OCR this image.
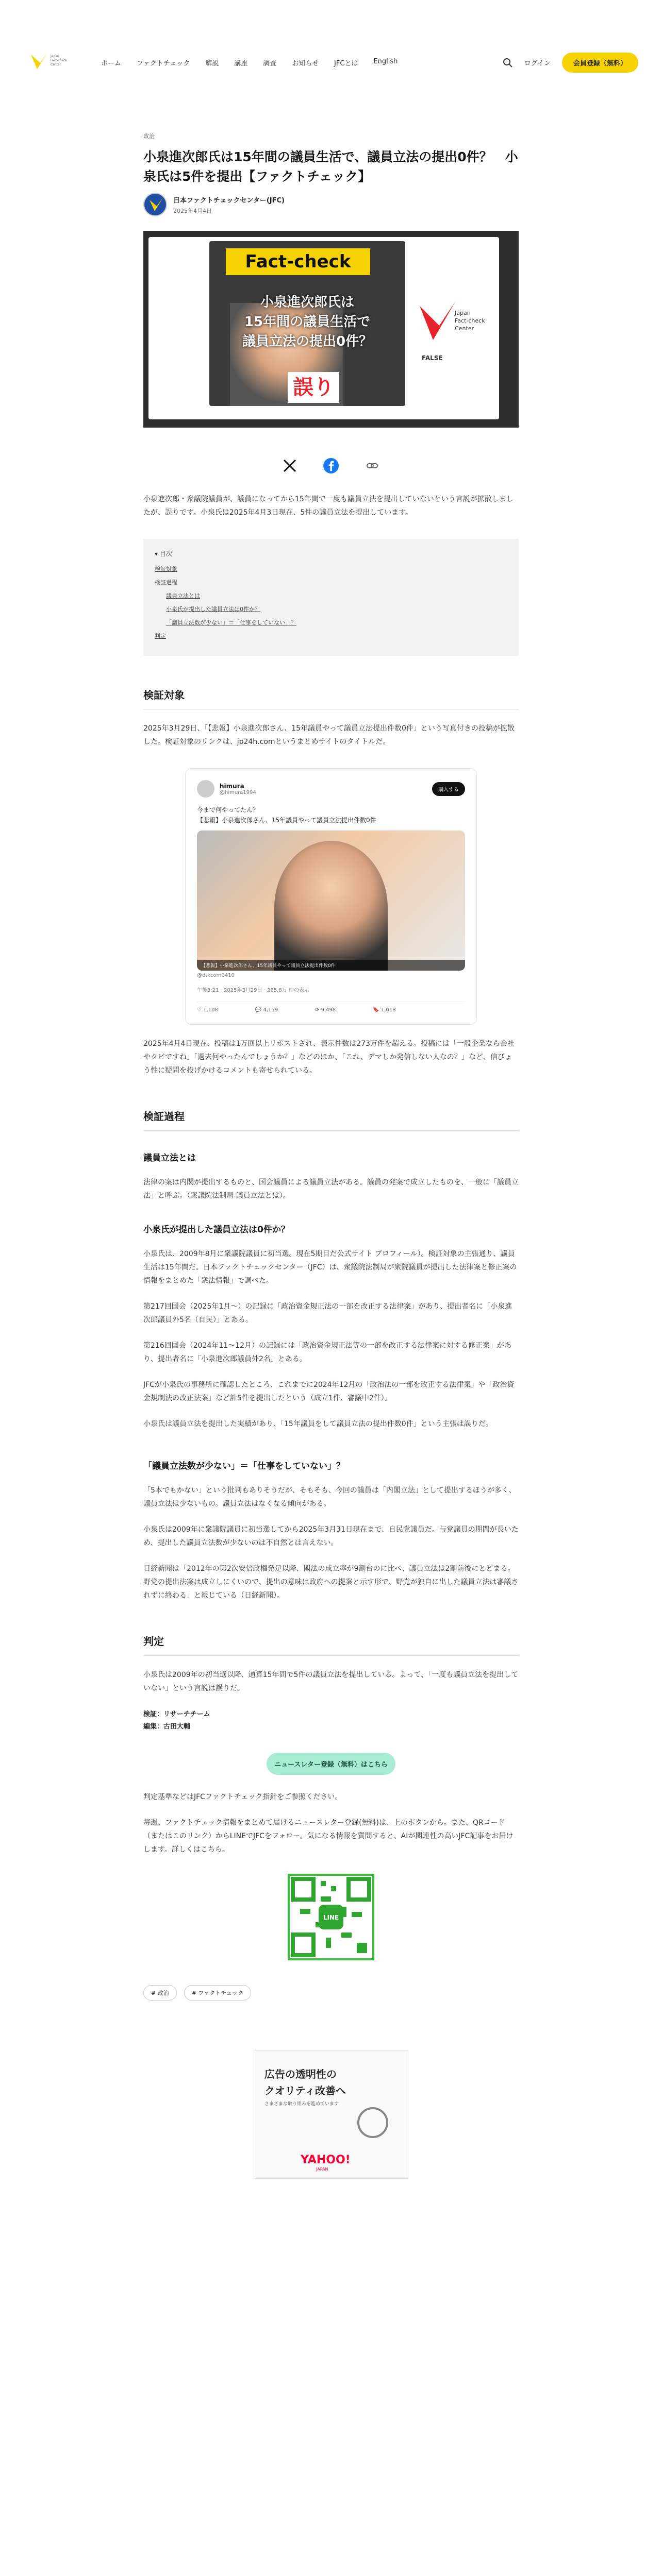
Japan
Fact-check
Center	ホーム ファクトチェック 解説 講座 調査 お知らせ JFCとは English	ログイン	会員登録（無料）
政治
小泉進次郎氏は15年間の議員生活で、議員立法の提出0件？　小泉氏は5件を提出【ファクトチェック】
日本ファクトチェックセンター(JFC)
2025年4月4日
Fact-check
小泉進次郎氏は
15年間の議員生活で
議員立法の提出0件？
誤り
Japan
Fact-check
Center
FALSE

小泉進次郎・衆議院議員が、議員になってから15年間で一度も議員立法を提出していないという言説が拡散しましたが、誤りです。小泉氏は2025年4月3日現在、5件の議員立法を提出しています。

▾ 目次
検証対象
検証過程
議員立法とは
小泉氏が提出した議員立法は0件か？
「議員立法数が少ない」＝「仕事をしていない」？
判定
検証対象

2025年3月29日、「【悲報】小泉進次郎さん、15年議員やって議員立法提出件数0件」という写真付きの投稿が拡散した。検証対象のリンクは、jp24h.comというまとめサイトのタイトルだ。

himura
@himura1994	購入する
今まで何やってたん？
【悲報】小泉進次郎さん、15年議員やって議員立法提出件数0件
【悲報】小泉進次郎さん、15年議員やって議員立法提出件数0件
@dtkcom0410
午後3:21 · 2025年3月29日 · 265.8万 件の表示
♡ 1,108	💬 4,159	⟳ 9,498	🔖 1,018

2025年4月4日現在、投稿は1万回以上リポストされ、表示件数は273万件を超える。投稿には「一般企業なら会社やクビですね」「過去何やったんでしょうか？」などのほか、「これ、デマしか発信しない人なの？」など、信びょう性に疑問を投げかけるコメントも寄せられている。

検証過程
議員立法とは

法律の案は内閣が提出するものと、国会議員による議員立法がある。議員の発案で成立したものを、一般に「議員立法」と呼ぶ。（衆議院法制局 議員立法とは）。

小泉氏が提出した議員立法は0件か？

小泉氏は、2009年8月に衆議院議員に初当選。現在5期目だ公式サイト プロフィール）。検証対象の主張通り、議員生活は15年間だ。日本ファクトチェックセンター（JFC）は、衆議院法制局が衆院議員が提出した法律案と修正案の情報をまとめた「衆法情報」で調べた。

第217回国会（2025年1月〜）の記録に「政治資金規正法の一部を改正する法律案」があり、提出者名に「小泉進次郎議員外5名（自民）」とある。

第216回国会（2024年11〜12月）の記録には「政治資金規正法等の一部を改正する法律案に対する修正案」があり、提出者名に「小泉進次郎議員外2名」とある。

JFCが小泉氏の事務所に確認したところ、これまでに2024年12月の「政治法の一部を改正する法律案」や「政治資金規制法の改正法案」など計5件を提出したという（成立1件、審議中2件）。

小泉氏は議員立法を提出した実績があり、「15年議員をして議員立法の提出件数0件」という主張は誤りだ。

「議員立法数が少ない」＝「仕事をしていない」？

「5本でもかない」という批判もありそうだが、そもそも、今回の議員は「内閣立法」として提出するほうが多く、議員立法は少ないもの。議員立法はなくなる傾向がある。

小泉氏は2009年に衆議院議員に初当選してから2025年3月31日現在まで、自民党議員だ。与党議員の期間が長いため、提出した議員立法数が少ないのは不自然とは言えない。

日経新聞は「2012年の第2次安倍政権発足以降、閣法の成立率が9割台のに比べ、議員立法は2割前後にとどまる。野党の提出法案は成立しにくいので、提出の意味は政府への提案と示す形で、野党が独自に出した議員立法は審議されずに終わる」と報じている（日経新聞）。

判定

小泉氏は2009年の初当選以降、通算15年間で5件の議員立法を提出している。よって、「一度も議員立法を提出していない」という言説は誤りだ。

検証：リサーチチーム
編集：古田大輔
ニュースレター登録（無料）はこちら

判定基準などはJFCファクトチェック指針をご参照ください。

毎週、ファクトチェック情報をまとめて届けるニュースレター登録(無料)は、上のボタンから。また、QRコード（またはこのリンク）からLINEでJFCをフォロー。気になる情報を質問すると、AIが関連性の高いJFC記事をお届けします。詳しくはこちら。

LINE
# 政治	# ファクトチェック
広告の透明性の
クオリティ改善へ
さまざまな取り組みを進めています
YAHOO!
JAPAN
